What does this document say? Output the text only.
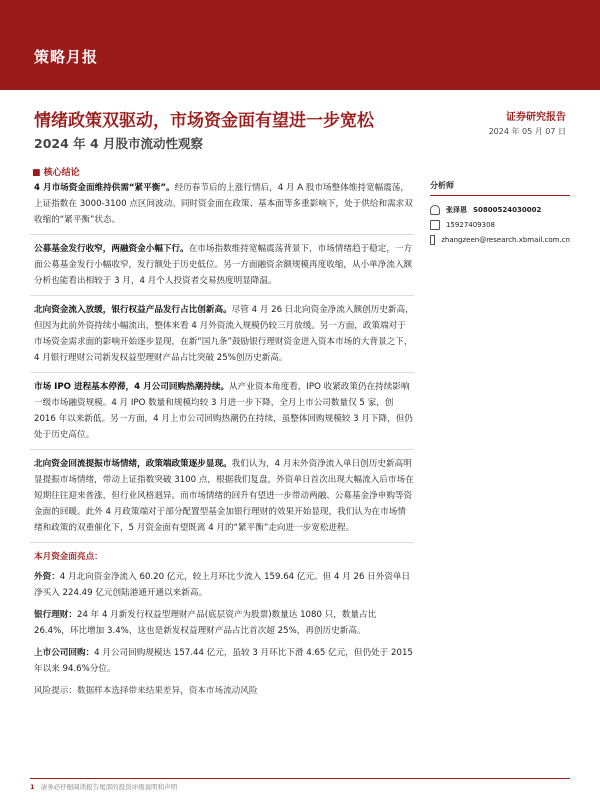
策略月报
情绪政策双驱动，市场资金面有望进一步宽松
2024 年 4 月股市流动性观察
证券研究报告
2024 年 05 月 07 日
■ 核心结论

4 月市场资金面维持供需“紧平衡”。经历春节后的上涨行情后，4 月 A 股市场整体维持宽幅震荡，上证指数在 3000-3100 点区间波动。同时资金面在政策、基本面等多重影响下，处于供给和需求双收缩的“紧平衡”状态。

公募基金发行收窄，两融资金小幅下行。在市场指数维持宽幅震荡背景下，市场情绪趋于稳定，一方面公募基金发行小幅收窄，发行额处于历史低位。另一方面融资余额规模再度收缩，从小单净流入额分析也能看出相较于 3 月，4 月个人投资者交易热度明显降温。

北向资金流入放缓，银行权益产品发行占比创新高。尽管 4 月 26 日北向资金净流入额创历史新高，但因为此前外资持续小幅流出，整体来看 4 月外资流入规模仍较三月放缓。另一方面，政策端对于市场资金需求面的影响开始逐步显现，在新“国九条”鼓励银行理财资金进入资本市场的大背景之下，4 月银行理财公司新发权益型理财产品占比突破 25%创历史新高。

市场 IPO 进程基本停滞，4 月公司回购热潮持续。从产业资本角度看，IPO 收紧政策仍在持续影响一级市场融资规模。4 月 IPO 数量和规模均较 3 月进一步下降，全月上市公司数量仅 5 家，创 2016 年以来新低。另一方面，4 月上市公司回购热潮仍在持续，虽整体回购规模较 3 月下降，但仍处于历史高位。

北向资金回流提振市场情绪，政策端政策逐步显现。我们认为，4 月末外资净流入单日创历史新高明显提振市场情绪，带动上证指数突破 3100 点，根据我们复盘，外资单日首次出现大幅流入后市场在短期往往迎来普涨，但行业风格迥异。而市场情绪的回升有望进一步带动两融、公募基金净申购等资金面的回暖。此外 4 月政策端对于部分配置型基金加银行理财的效果开始显现，我们认为在市场情绪和政策的双重催化下，5 月资金面有望既离 4 月的“紧平衡”走向进一步宽松进程。

本月资金面亮点：

外资：4 月北向资金净流入 60.20 亿元，较上月环比少流入 159.64 亿元。但 4 月 26 日外资单日净买入 224.49 亿元创陆港通开通以来新高。

银行理财：24 年 4 月新发行权益型理财产品(底层资产为股票)数量达 1080 只，数量占比 26.4%，环比增加 3.4%，这也是新发权益理财产品占比首次超 25%，再创历史新高。

上市公司回购：4 月公司回购规模达 157.44 亿元，虽较 3 月环比下滑 4.65 亿元，但仍处于 2015 年以来 94.6%分位。

风险提示：数据样本选择带来结果差异，资本市场流动风险

分析师
张泽恩 S0800524030002
15927409308
zhangzeen@research.xbmail.com.cn
1 请务必仔细阅读报告尾部的投资评级说明和声明
